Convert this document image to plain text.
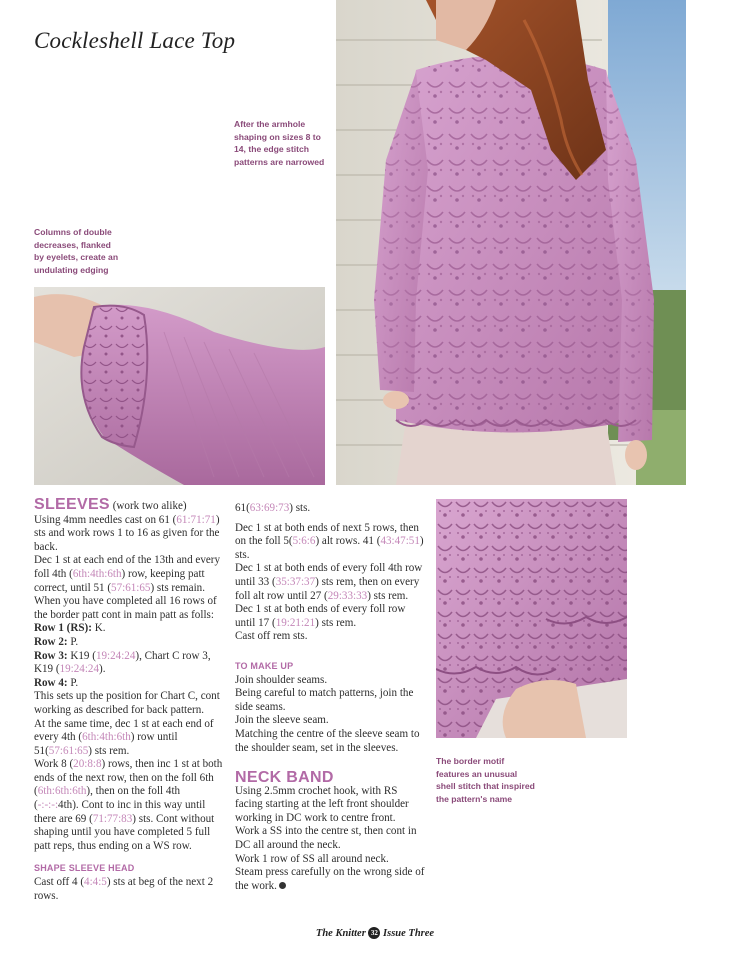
Cockleshell Lace Top
After the armhole shaping on sizes 8 to 14, the edge stitch patterns are narrowed
Columns of double decreases, flanked by eyelets, create an undulating edging
The border motif features an unusual shell stitch that inspired the pattern's name

SLEEVES (work two alike)

Using 4mm needles cast on 61 (61:71:71) sts and work rows 1 to 16 as given for the back.

Dec 1 st at each end of the 13th and every foll 4th (6th:4th:6th) row, keeping patt correct, until 51 (57:61:65) sts remain.

When you have completed all 16 rows of the border patt cont in main patt as folls:

Row 1 (RS): K.

Row 2: P.

Row 3: K19 (19:24:24), Chart C row 3, K19 (19:24:24).

Row 4: P.

This sets up the position for Chart C, cont working as described for back pattern.

At the same time, dec 1 st at each end of every 4th (6th:4th:6th) row until 51(57:61:65) sts rem.

Work 8 (20:8:8) rows, then inc 1 st at both ends of the next row, then on the foll 6th (6th:6th:6th), then on the foll 4th (-:-:-:4th). Cont to inc in this way until there are 69 (71:77:83) sts. Cont without shaping until you have completed 5 full patt reps, thus ending on a WS row.

SHAPE SLEEVE HEAD

Cast off 4 (4:4:5) sts at beg of the next 2 rows.

61(63:69:73) sts.

Dec 1 st at both ends of next 5 rows, then on the foll 5(5:6:6) alt rows. 41 (43:47:51) sts.

Dec 1 st at both ends of every foll 4th row until 33 (35:37:37) sts rem, then on every foll alt row until 27 (29:33:33) sts rem.

Dec 1 st at both ends of every foll row until 17 (19:21:21) sts rem.

Cast off rem sts.

TO MAKE UP

Join shoulder seams.

Being careful to match patterns, join the side seams.

Join the sleeve seam.

Matching the centre of the sleeve seam to the shoulder seam, set in the sleeves.

NECK BAND

Using 2.5mm crochet hook, with RS facing starting at the left front shoulder working in DC work to centre front.

Work a SS into the centre st, then cont in DC all around the neck.

Work 1 row of SS all around neck.

Steam press carefully on the wrong side of the work.

The Knitter 32 Issue Three
